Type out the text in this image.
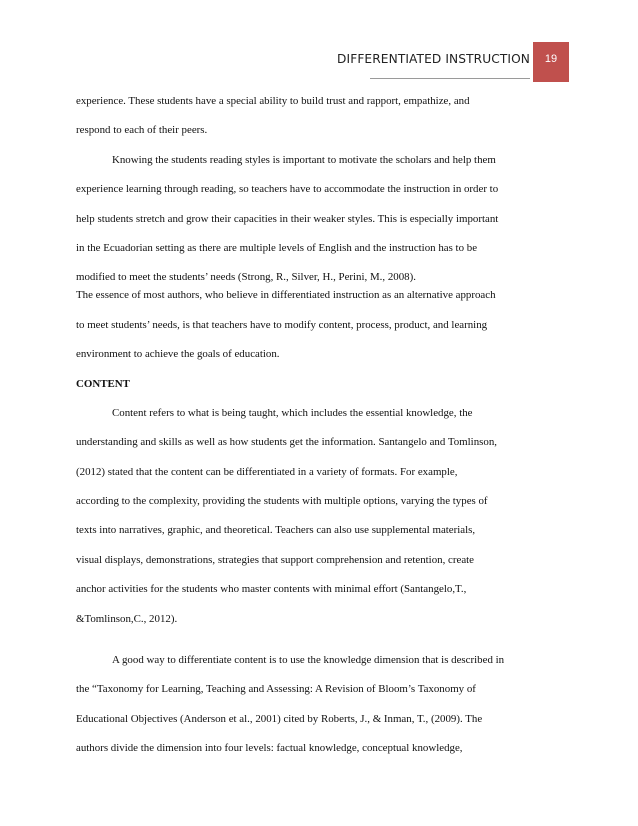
DIFFERENTIATED INSTRUCTION	19
experience. These students have a special ability to build trust and rapport, empathize, and
respond to each of their peers.
Knowing the students reading styles is important to motivate the scholars and help them
experience learning through reading, so teachers have to accommodate the instruction in order to
help students stretch and grow their capacities in their weaker styles. This is especially important
in the Ecuadorian setting as there are multiple levels of English and the instruction has to be
modified to meet the students’ needs (Strong, R., Silver, H., Perini, M., 2008).
The essence of most authors, who believe in differentiated instruction as an alternative approach
to meet students’ needs, is that teachers have to modify content, process, product, and learning
environment to achieve the goals of education.
CONTENT
Content refers to what is being taught, which includes the essential knowledge, the
understanding and skills as well as how students get the information. Santangelo and Tomlinson,
(2012) stated that the content can be differentiated in a variety of formats. For example,
according to the complexity, providing the students with multiple options, varying the types of
texts into narratives, graphic, and theoretical. Teachers can also use supplemental materials,
visual displays, demonstrations, strategies that support comprehension and retention, create
anchor activities for the students who master contents with minimal effort (Santangelo,T.,
&Tomlinson,C., 2012).
A good way to differentiate content is to use the knowledge dimension that is described in
the “Taxonomy for Learning, Teaching and Assessing: A Revision of Bloom’s Taxonomy of
Educational Objectives (Anderson et al., 2001) cited by Roberts, J., & Inman, T., (2009). The
authors divide the dimension into four levels: factual knowledge, conceptual knowledge,
